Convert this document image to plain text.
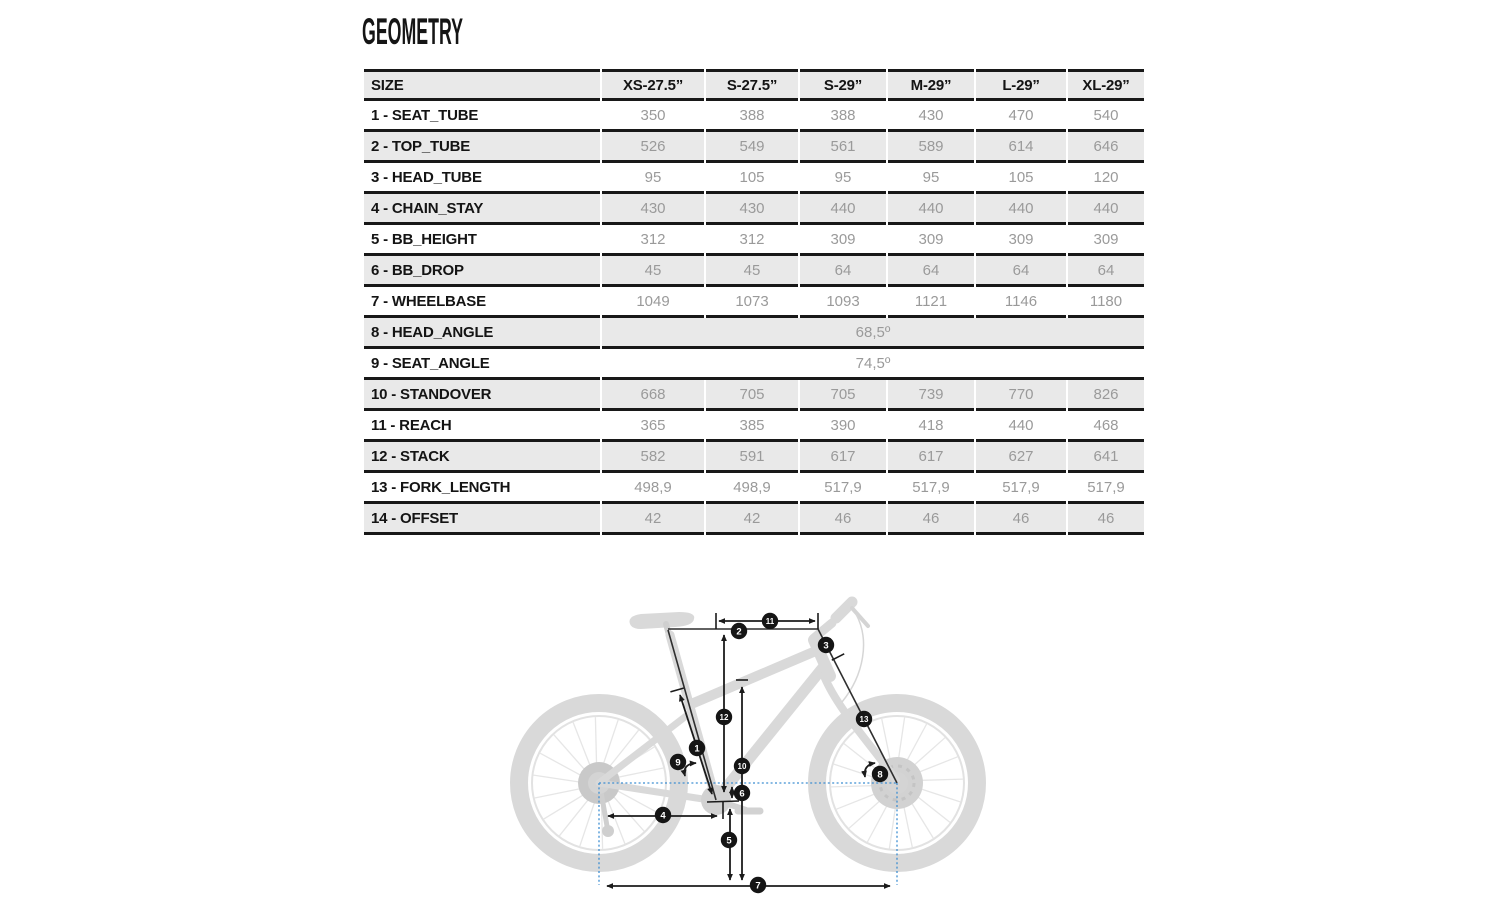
GEOMETRY
SIZE	XS-27.5”	S-27.5”	S-29”	M-29”	L-29”	XL-29”
1 - SEAT_TUBE	350	388	388	430	470	540
2 - TOP_TUBE	526	549	561	589	614	646
3 - HEAD_TUBE	95	105	95	95	105	120
4 - CHAIN_STAY	430	430	440	440	440	440
5 - BB_HEIGHT	312	312	309	309	309	309
6 - BB_DROP	45	45	64	64	64	64
7 - WHEELBASE	1049	1073	1093	1121	1146	1180
8 - HEAD_ANGLE	68,5º					
9 - SEAT_ANGLE	74,5º					
10 - STANDOVER	668	705	705	739	770	826
11 - REACH	365	385	390	418	440	468
12 - STACK	582	591	617	617	627	641
13 - FORK_LENGTH	498,9	498,9	517,9	517,9	517,9	517,9
14 - OFFSET	42	42	46	46	46	46
1
2
3
4
5
6
7
8
9	10
11
12	13
